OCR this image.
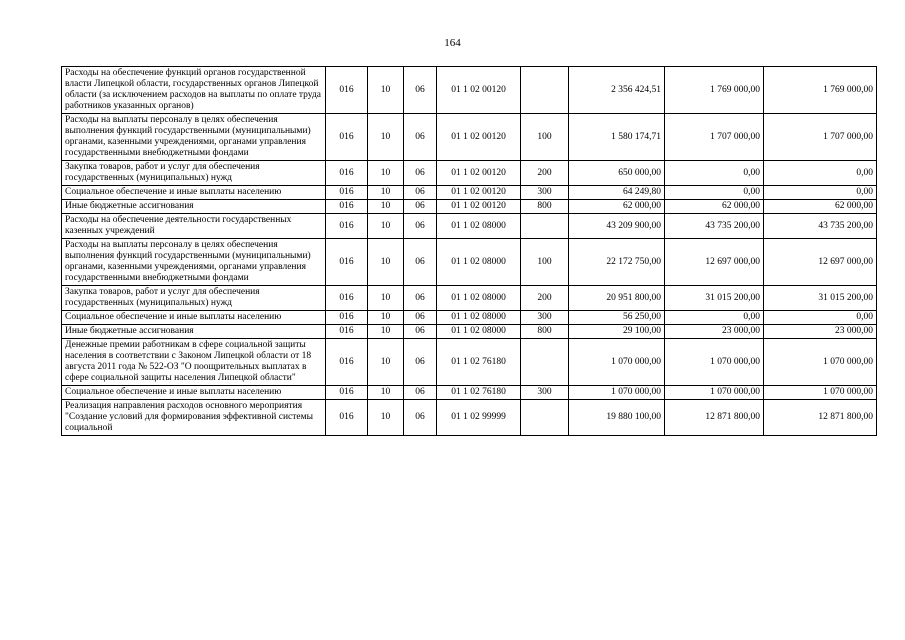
164
Расходы на обеспечение функций органов государственной власти Липецкой области, государственных органов Липецкой области (за исключением расходов на выплаты по оплате труда работников указанных органов)	016	10	06	01 1 02 00120		2 356 424,51	1 769 000,00	1 769 000,00
Расходы на выплаты персоналу в целях обеспечения выполнения функций государственными (муниципальными) органами, казенными учреждениями, органами управления государственными внебюджетными фондами	016	10	06	01 1 02 00120	100	1 580 174,71	1 707 000,00	1 707 000,00
Закупка товаров, работ и услуг для обеспечения государственных (муниципальных) нужд	016	10	06	01 1 02 00120	200	650 000,00	0,00	0,00
Социальное обеспечение и иные выплаты населению	016	10	06	01 1 02 00120	300	64 249,80	0,00	0,00
Иные бюджетные ассигнования	016	10	06	01 1 02 00120	800	62 000,00	62 000,00	62 000,00
Расходы на обеспечение деятельности государственных казенных учреждений	016	10	06	01 1 02 08000		43 209 900,00	43 735 200,00	43 735 200,00
Расходы на выплаты персоналу в целях обеспечения выполнения функций государственными (муниципальными) органами, казенными учреждениями, органами управления государственными внебюджетными фондами	016	10	06	01 1 02 08000	100	22 172 750,00	12 697 000,00	12 697 000,00
Закупка товаров, работ и услуг для обеспечения государственных (муниципальных) нужд	016	10	06	01 1 02 08000	200	20 951 800,00	31 015 200,00	31 015 200,00
Социальное обеспечение и иные выплаты населению	016	10	06	01 1 02 08000	300	56 250,00	0,00	0,00
Иные бюджетные ассигнования	016	10	06	01 1 02 08000	800	29 100,00	23 000,00	23 000,00
Денежные премии работникам в сфере социальной защиты населения в соответствии с Законом Липецкой области от 18 августа 2011 года № 522-ОЗ "О поощрительных выплатах в сфере социальной защиты населения Липецкой области"	016	10	06	01 1 02 76180		1 070 000,00	1 070 000,00	1 070 000,00
Социальное обеспечение и иные выплаты населению	016	10	06	01 1 02 76180	300	1 070 000,00	1 070 000,00	1 070 000,00

Реализация направления расходов основного мероприятия "Создание условий для формирования эффективной системы социальной	016	10	06	01 1 02 99999		19 880 100,00	12 871 800,00	12 871 800,00
